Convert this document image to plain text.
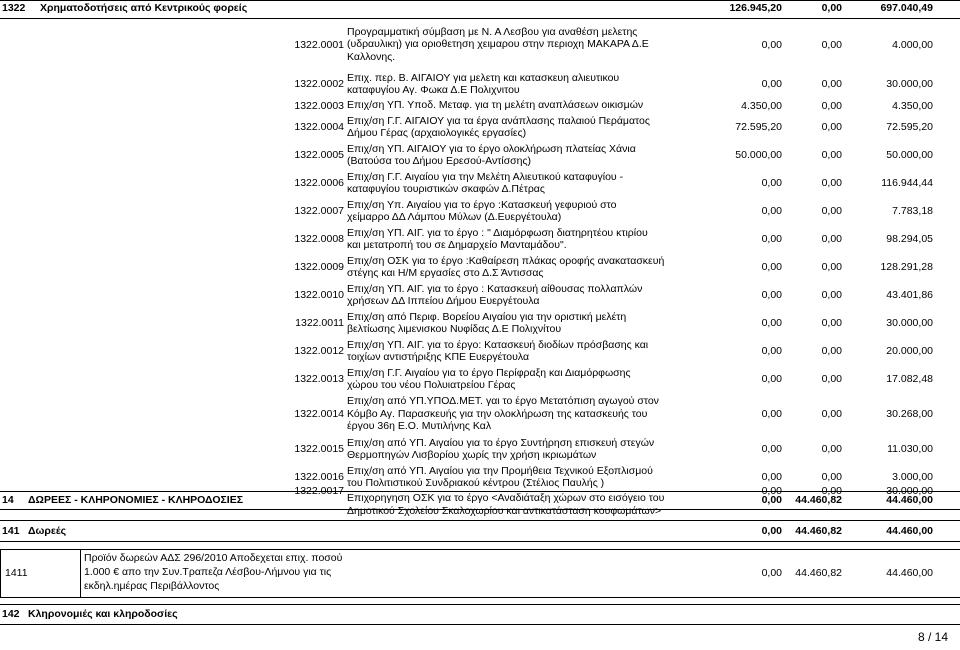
1322 Χρηματοδοτήσεις από Κεντρικούς φορείς	126.945,20	0,00	697.040,49
1322.0001
Προγραμματική σύμβαση με Ν. Α Λεσβου για αναθέση μελετης
(υδραυλικη) για οριοθετηση χειμαρου στην περιοχη ΜΑΚΑΡΑ Δ.Ε
Καλλονης.
0,00	0,00	4.000,00
1322.0002
Επιχ. περ. Β. ΑΙΓΑΙΟΥ για μελετη και κατασκευη αλιευτικου
καταφυγίου Αγ. Φωκα Δ.Ε Πολιχνιτου	0,00	0,00	30.000,00
1322.0003 Επιχ/ση ΥΠ. Υποδ. Μεταφ. για τη μελέτη αναπλάσεων οικισμών	4.350,00	0,00	4.350,00
1322.0004
Επιχ/ση Γ.Γ. ΑΙΓΑΙΟΥ για τα έργα ανάπλασης παλαιού Περάματος
Δήμου Γέρας (αρχαιολογικές εργασίες)	72.595,20	0,00	72.595,20
1322.0005
Επιχ/ση ΥΠ. ΑΙΓΑΙΟΥ για το έργο ολοκλήρωση πλατείας Χάνια
(Βατούσα του Δήμου Ερεσού-Αντίσσης)	50.000,00	0,00	50.000,00
1322.0006
Επιχ/ση Γ.Γ. Αιγαίου για την Μελέτη Αλιευτικού καταφυγίου -
καταφυγίου τουριστικών σκαφών Δ.Πέτρας	0,00	0,00	116.944,44
1322.0007
Επιχ/ση Υπ. Αιγαίου για το έργο :Κατασκευή γεφυριού στο
χείμαρρο ΔΔ Λάμπου Μύλων (Δ.Ευεργέτουλα)	0,00	0,00	7.783,18
1322.0008
Επιχ/ση ΥΠ. ΑΙΓ. για το έργο : " Διαμόρφωση διατηρητέου κτιρίου
και μετατροπή του σε Δημαρχείο Μανταμάδου".	0,00	0,00	98.294,05
1322.0009
Επιχ/ση ΟΣΚ για το έργο :Καθαίρεση πλάκας οροφής ανακατασκευή
στέγης και Η/Μ εργασίες στο Δ.Σ Άντισσας	0,00	0,00	128.291,28
1322.0010
Επιχ/ση ΥΠ. ΑΙΓ. για το έργο : Κατασκευή αίθουσας πολλαπλών
χρήσεων ΔΔ Ιππείου Δήμου Ευεργέτουλα	0,00	0,00	43.401,86
1322.0011
Επιχ/ση από Περιφ. Βορείου Αιγαίου για την οριστική μελέτη
βελτίωσης λιμενισκου Νυφίδας Δ.Ε Πολιχνίτου	0,00	0,00	30.000,00
1322.0012
Επιχ/ση ΥΠ. ΑΙΓ. για το έργο: Κατασκευή διοδίων πρόσβασης και
τοιχίων αντιστήριξης ΚΠΕ Ευεργέτουλα	0,00	0,00	20.000,00
1322.0013
Επιχ/ση Γ.Γ. Αιγαίου για το έργο Περίφραξη και Διαμόρφωσης
χώρου του νέου Πολυιατρείου Γέρας	0,00	0,00	17.082,48
1322.0014
Επιχ/ση από ΥΠ.ΥΠΟΔ.ΜΕΤ. γαι το έργο Μετατόπιση αγωγού στον
Κόμβο Αγ. Παρασκευής για την ολοκλήρωση της κατασκευής του
έργου 36η Ε.Ο. Μυτιλήνης Καλ
0,00	0,00	30.268,00
1322.0015
Επιχ/ση από ΥΠ. Αιγαίου για το έργο Συντήρηση επισκευή στεγών
Θερμοπηγών Λισβορίου χωρίς την χρήση ικριωμάτων	0,00	0,00	11.030,00
1322.0016
Επιχ/ση από ΥΠ. Αιγαίου για την Προμήθεια Τεχνικού Εξοπλισμού
του Πολιτιστικού Συνδριακού κέντρου (Στέλιος Παυλής )	0,00	0,00	3.000,00
1322.0017
Επιχορηγηση ΟΣΚ για το έργο <Αναδιάταξη χώρων στο εισόγειο του
Δημοτικού Σχολείου Σκαλοχωρίου και αντικατάσταση κουφωμάτων>
0,00	0,00	30.000,00
14 ΔΩΡΕΕΣ - ΚΛΗΡΟΝΟΜΙΕΣ - ΚΛΗΡΟΔΟΣΙΕΣ	0,00	44.460,82	44.460,00
141 Δωρεές	0,00	44.460,82	44.460,00
1411
Προϊόν δωρεών ΑΔΣ 296/2010 Αποδεχεται επιχ. ποσού
1.000 € απο την Συν.Τραπεζα Λέσβου-Λήμνου για τις
εκδηλ.ημέρας Περιβάλλοντος
0,00	44.460,82	44.460,00
142 Κληρονομιές και κληροδοσίες
8 / 14
